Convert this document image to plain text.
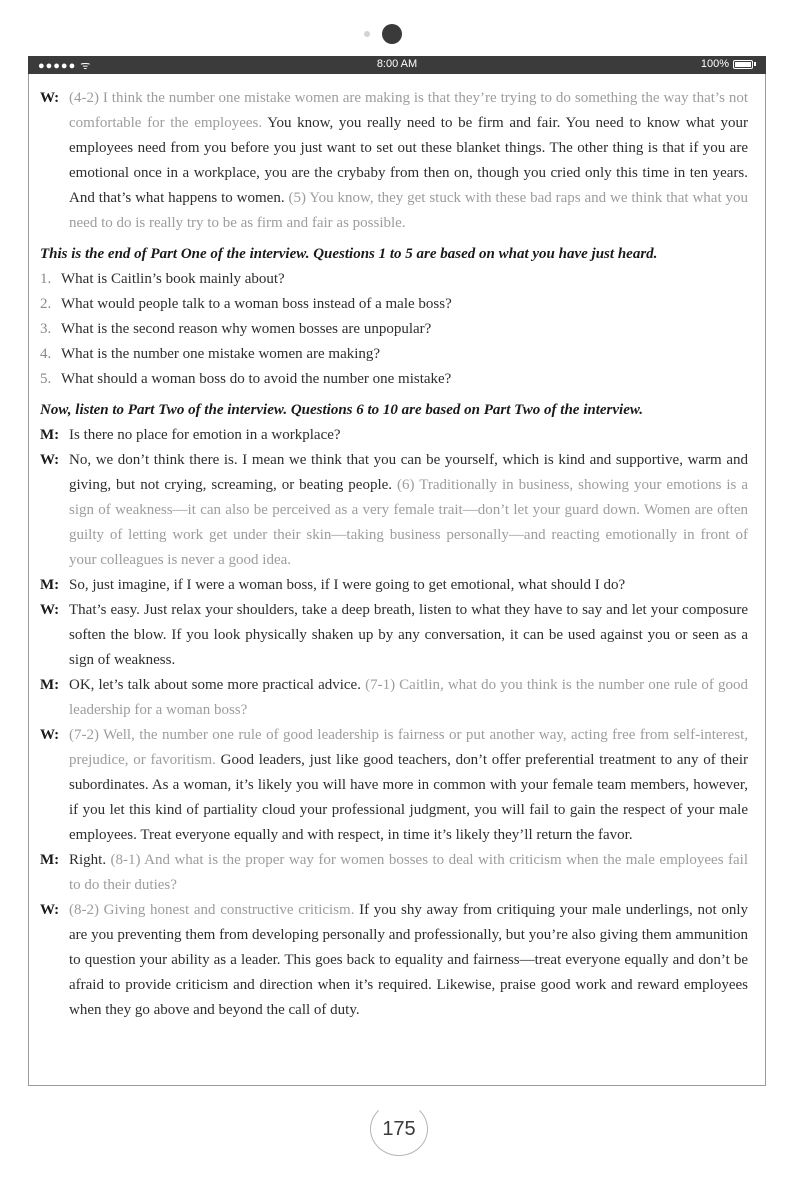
●●●●● ᯤ	8:00 AM	100%
W: (4-2) I think the number one mistake women are making is that they’re trying to do something the way that’s not comfortable for the employees. You know, you really need to be firm and fair. You need to know what your employees need from you before you just want to set out these blanket things. The other thing is that if you are emotional once in a workplace, you are the crybaby from then on, though you cried only this time in ten years. And that’s what happens to women. (5) You know, they get stuck with these bad raps and we think that what you need to do is really try to be as firm and fair as possible.
This is the end of Part One of the interview. Questions 1 to 5 are based on what you have just heard.
1. What is Caitlin’s book mainly about?
2. What would people talk to a woman boss instead of a male boss?
3. What is the second reason why women bosses are unpopular?
4. What is the number one mistake women are making?
5. What should a woman boss do to avoid the number one mistake?
Now, listen to Part Two of the interview. Questions 6 to 10 are based on Part Two of the interview.
M: Is there no place for emotion in a workplace?
W: No, we don’t think there is. I mean we think that you can be yourself, which is kind and supportive, warm and giving, but not crying, screaming, or beating people. (6) Traditionally in business, showing your emotions is a sign of weakness—it can also be perceived as a very female trait—don’t let your guard down. Women are often guilty of letting work get under their skin—taking business personally—and reacting emotionally in front of your colleagues is never a good idea.
M: So, just imagine, if I were a woman boss, if I were going to get emotional, what should I do?
W: That’s easy. Just relax your shoulders, take a deep breath, listen to what they have to say and let your composure soften the blow. If you look physically shaken up by any conversation, it can be used against you or seen as a sign of weakness.
M: OK, let’s talk about some more practical advice. (7-1) Caitlin, what do you think is the number one rule of good leadership for a woman boss?
W: (7-2) Well, the number one rule of good leadership is fairness or put another way, acting free from self-interest, prejudice, or favoritism. Good leaders, just like good teachers, don’t offer preferential treatment to any of their subordinates. As a woman, it’s likely you will have more in common with your female team members, however, if you let this kind of partiality cloud your professional judgment, you will fail to gain the respect of your male employees. Treat everyone equally and with respect, in time it’s likely they’ll return the favor.
M: Right. (8-1) And what is the proper way for women bosses to deal with criticism when the male employees fail to do their duties?
W: (8-2) Giving honest and constructive criticism. If you shy away from critiquing your male underlings, not only are you preventing them from developing personally and professionally, but you’re also giving them ammunition to question your ability as a leader. This goes back to equality and fairness—treat everyone equally and don’t be afraid to provide criticism and direction when it’s required. Likewise, praise good work and reward employees when they go above and beyond the call of duty.
175
